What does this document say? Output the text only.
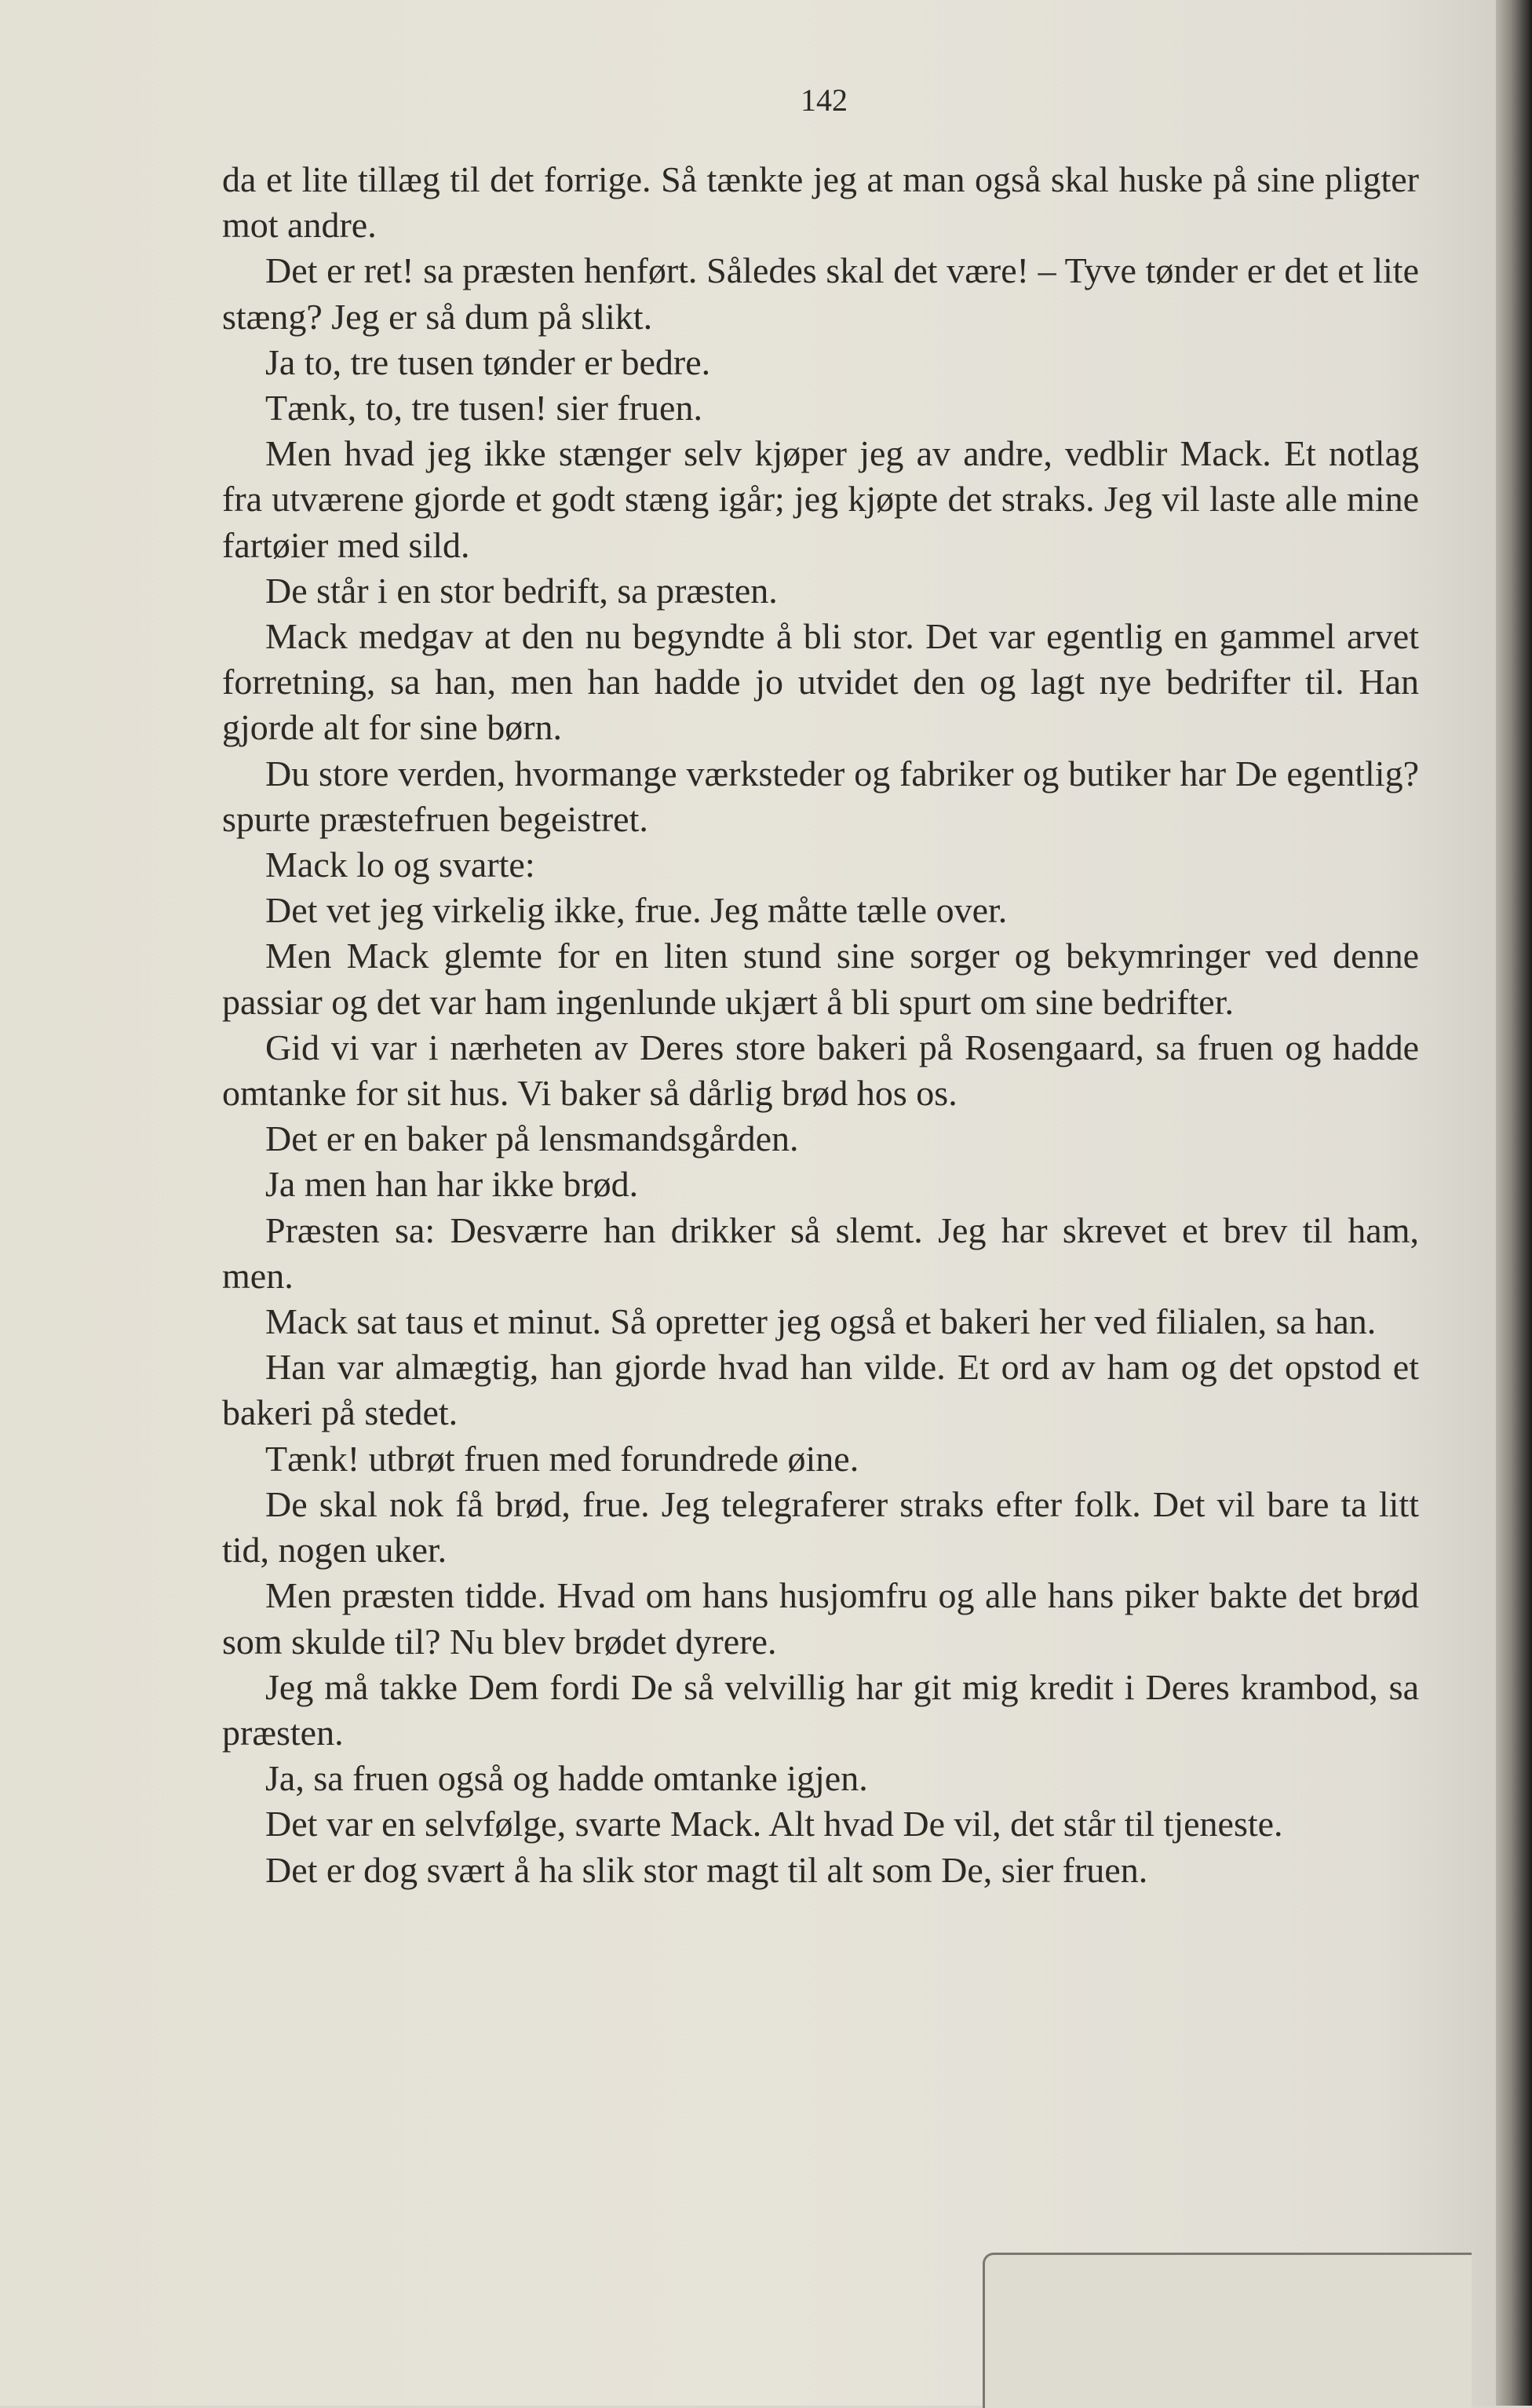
142

da et lite tillæg til det forrige. Så tænkte jeg at man også skal huske på sine pligter mot andre.

Det er ret! sa præsten henført. Således skal det være! – Tyve tønder er det et lite stæng? Jeg er så dum på slikt.

Ja to, tre tusen tønder er bedre.

Tænk, to, tre tusen! sier fruen.

Men hvad jeg ikke stænger selv kjøper jeg av andre, vedblir Mack. Et notlag fra utværene gjorde et godt stæng igår; jeg kjøpte det straks. Jeg vil laste alle mine fartøier med sild.

De står i en stor bedrift, sa præsten.

Mack medgav at den nu begyndte å bli stor. Det var egentlig en gammel arvet forretning, sa han, men han hadde jo utvidet den og lagt nye bedrifter til. Han gjorde alt for sine børn.

Du store verden, hvormange værksteder og fabriker og butiker har De egentlig? spurte præstefruen begeistret.

Mack lo og svarte:

Det vet jeg virkelig ikke, frue. Jeg måtte tælle over.

Men Mack glemte for en liten stund sine sorger og bekymringer ved denne passiar og det var ham ingenlunde ukjært å bli spurt om sine bedrifter.

Gid vi var i nærheten av Deres store bakeri på Rosengaard, sa fruen og hadde omtanke for sit hus. Vi baker så dårlig brød hos os.

Det er en baker på lensmandsgården.

Ja men han har ikke brød.

Præsten sa: Desværre han drikker så slemt. Jeg har skrevet et brev til ham, men.

Mack sat taus et minut. Så opretter jeg også et bakeri her ved filialen, sa han.

Han var almægtig, han gjorde hvad han vilde. Et ord av ham og det opstod et bakeri på stedet.

Tænk! utbrøt fruen med forundrede øine.

De skal nok få brød, frue. Jeg telegraferer straks efter folk. Det vil bare ta litt tid, nogen uker.

Men præsten tidde. Hvad om hans husjomfru og alle hans piker bakte det brød som skulde til? Nu blev brødet dyrere.

Jeg må takke Dem fordi De så velvillig har git mig kredit i Deres krambod, sa præsten.

Ja, sa fruen også og hadde omtanke igjen.

Det var en selvfølge, svarte Mack. Alt hvad De vil, det står til tjeneste.

Det er dog svært å ha slik stor magt til alt som De, sier fruen.
